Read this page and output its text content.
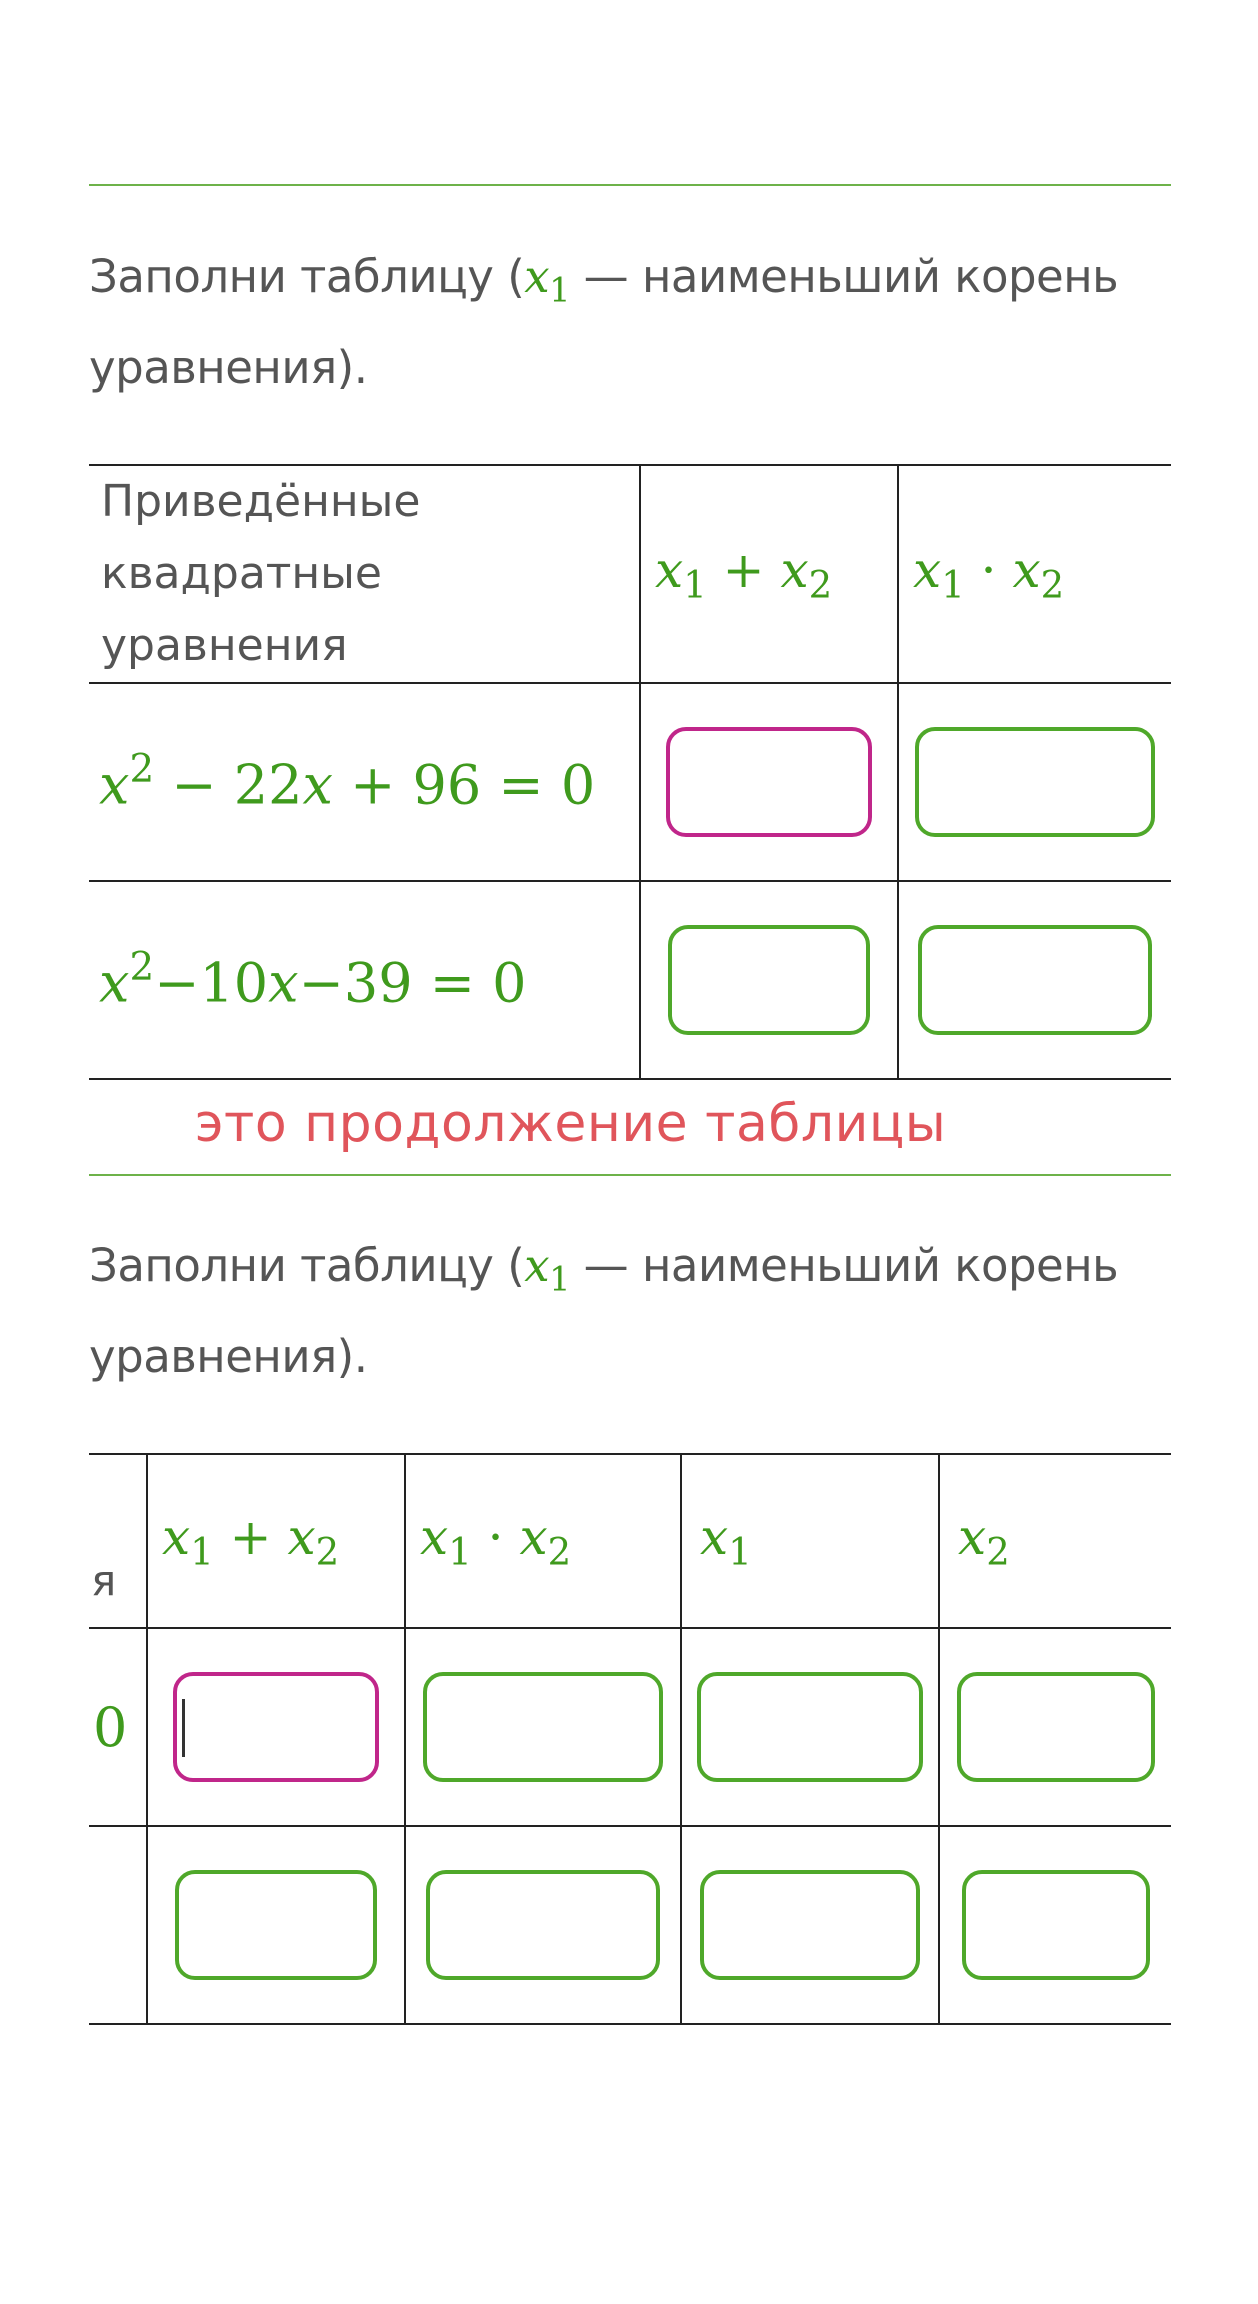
Заполни таблицу ($x_1$ — наименьший корень уравнения).
Приведённые квадратные уравнения	$x_1 + x_2$	$x_1 \cdot x_2$
$x^2 - 22x + 96 = 0$	

$x^2-10x-39 = 0$	

это продолжение таблицы
Заполни таблицу ($x_1$ — наименьший корень уравнения).
я	$x_1 + x_2$	$x_1 \cdot x_2$	$x_1$	$x_2$
0	
